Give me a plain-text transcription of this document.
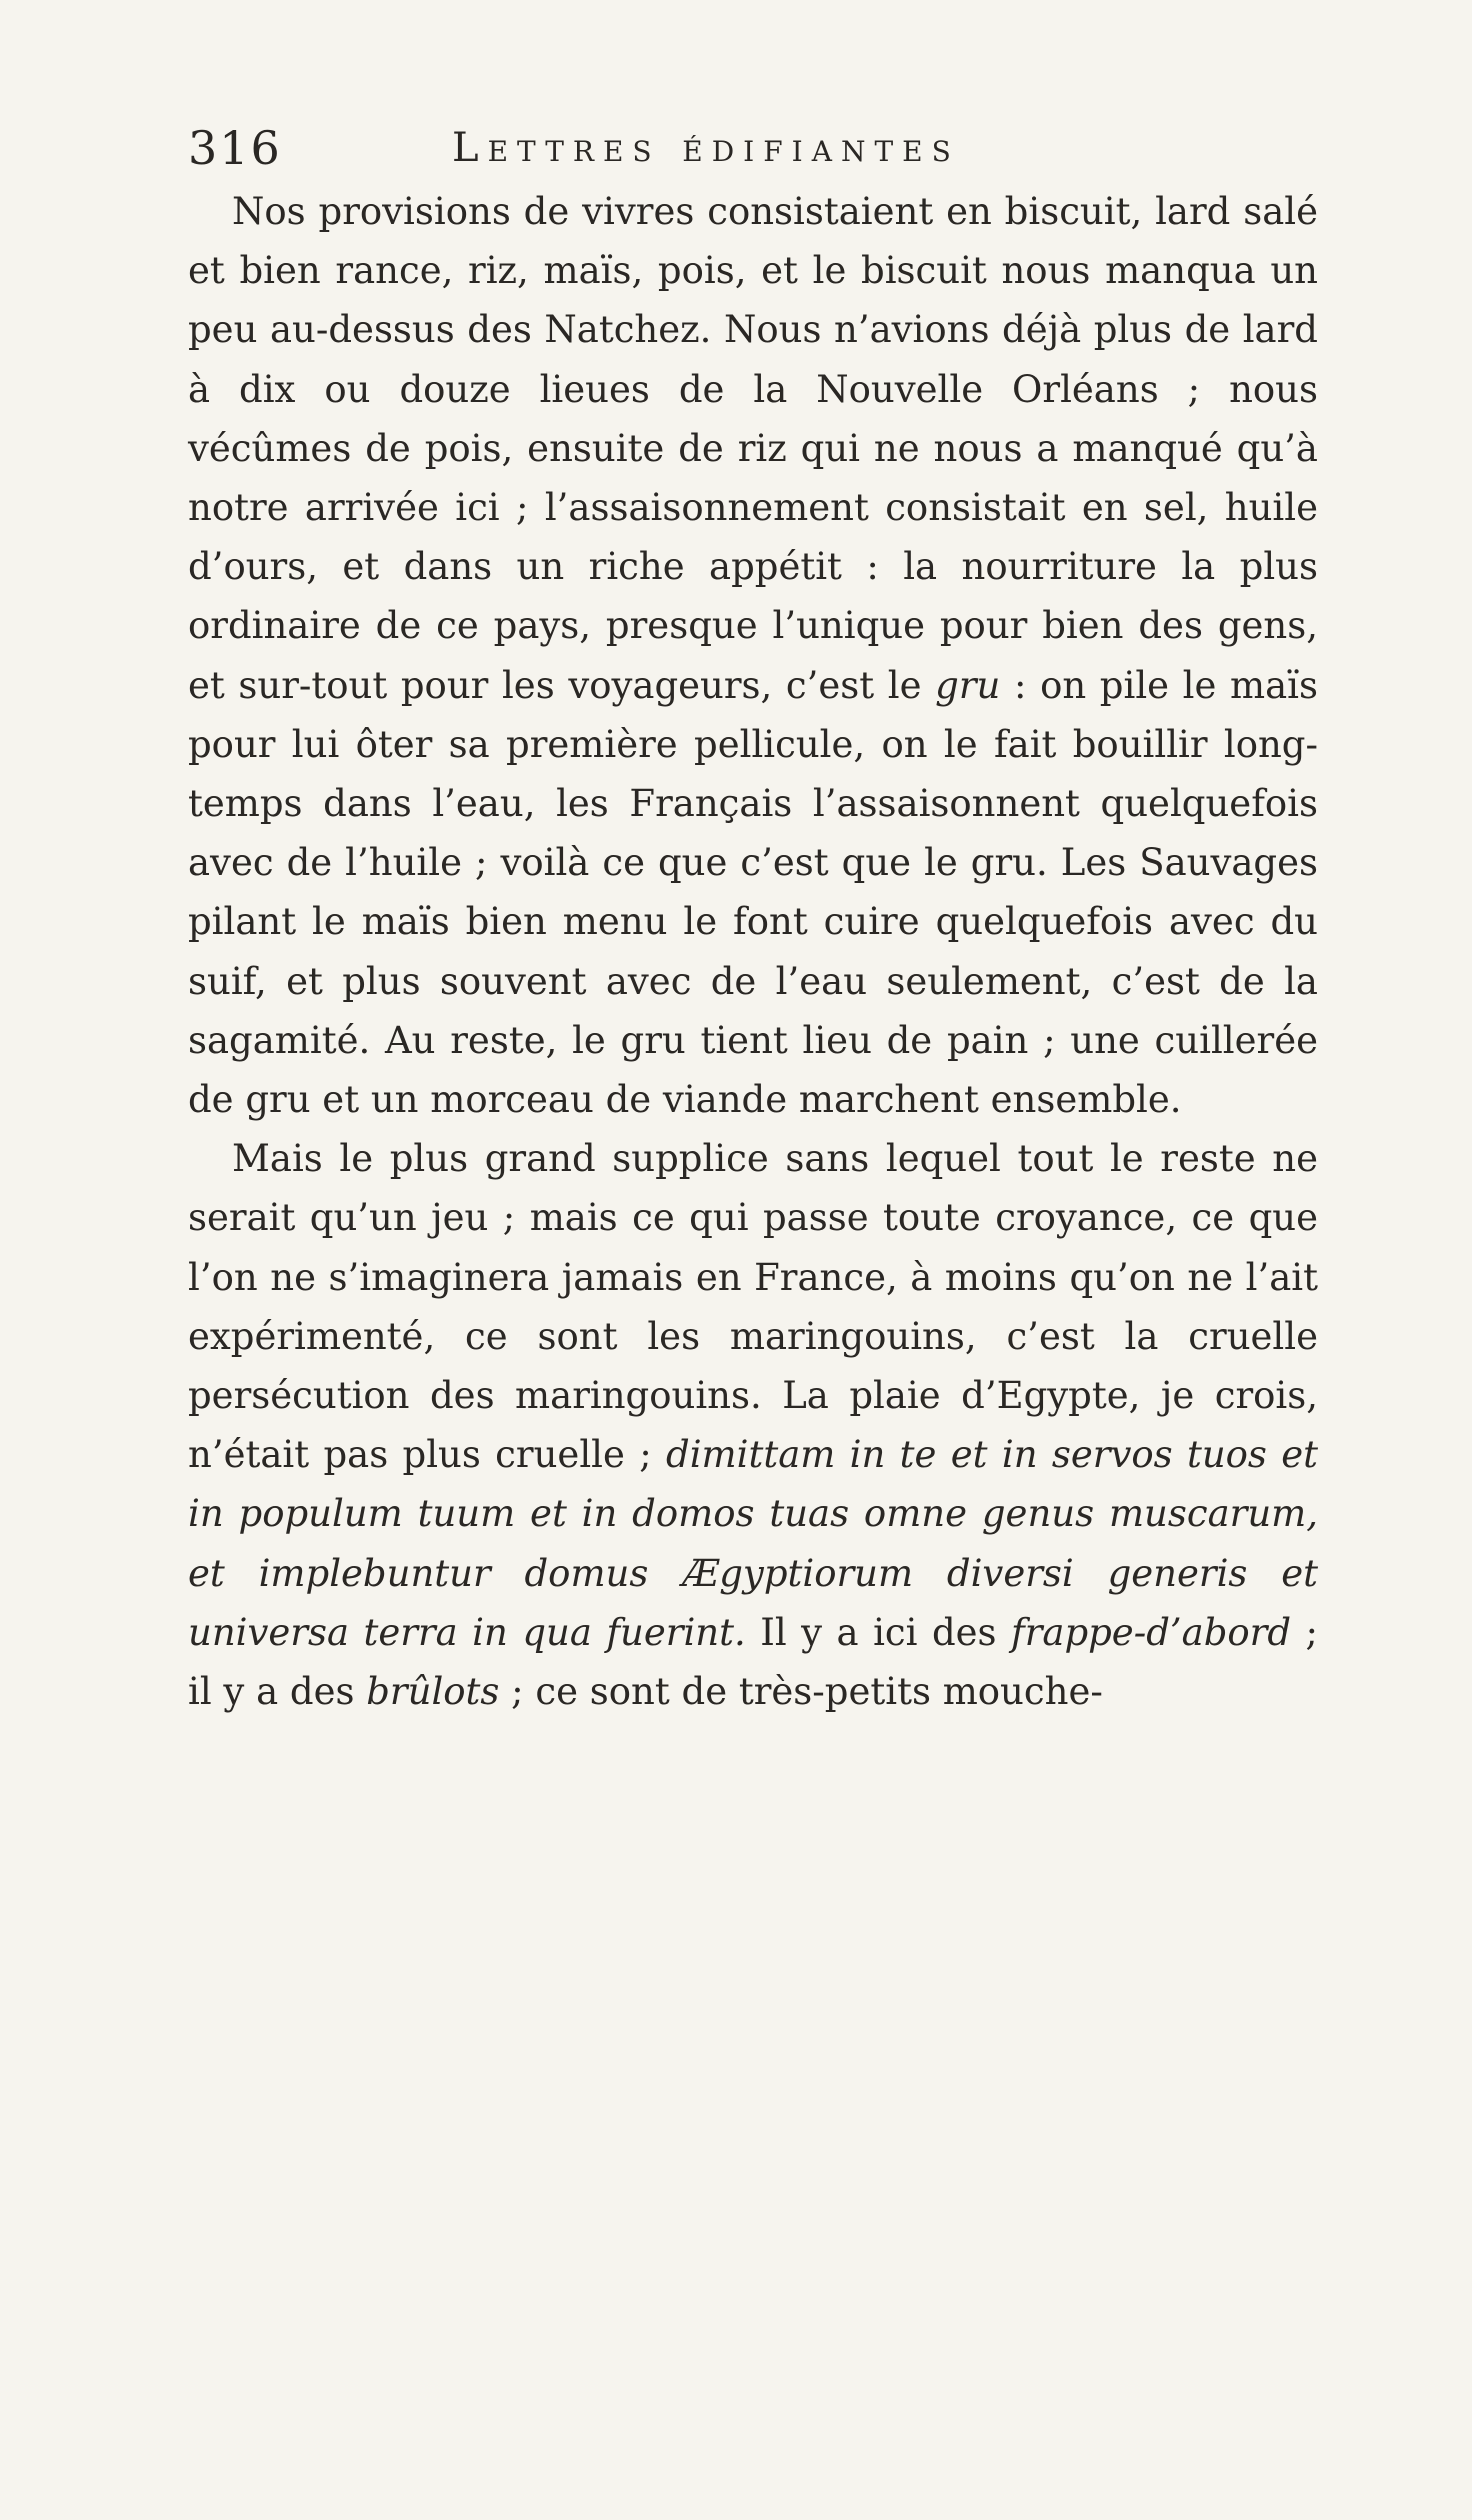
316	Lettres édifiantes

Nos provisions de vivres consistaient en biscuit, lard salé et bien rance, riz, maïs, pois, et le biscuit nous manqua un peu au-dessus des Natchez. Nous n’avions déjà plus de lard à dix ou douze lieues de la Nouvelle Orléans ; nous vécûmes de pois, ensuite de riz qui ne nous a manqué qu’à notre arrivée ici ; l’assaisonnement consistait en sel, huile d’ours, et dans un riche appétit : la nourriture la plus ordinaire de ce pays, presque l’unique pour bien des gens, et sur-tout pour les voyageurs, c’est le gru : on pile le maïs pour lui ôter sa première pellicule, on le fait bouillir long-temps dans l’eau, les Français l’assaisonnent quelquefois avec de l’huile ; voilà ce que c’est que le gru. Les Sauvages pilant le maïs bien menu le font cuire quelquefois avec du suif, et plus souvent avec de l’eau seulement, c’est de la sagamité. Au reste, le gru tient lieu de pain ; une cuillerée de gru et un morceau de viande marchent ensemble.

Mais le plus grand supplice sans lequel tout le reste ne serait qu’un jeu ; mais ce qui passe toute croyance, ce que l’on ne s’imaginera jamais en France, à moins qu’on ne l’ait expérimenté, ce sont les maringouins, c’est la cruelle persécution des maringouins. La plaie d’Egypte, je crois, n’était pas plus cruelle ; dimittam in te et in servos tuos et in populum tuum et in domos tuas omne genus muscarum, et implebuntur domus Ægyptiorum diversi generis et universa terra in qua fuerint. Il y a ici des frappe-d’abord ; il y a des brûlots ; ce sont de très-petits mouche-
